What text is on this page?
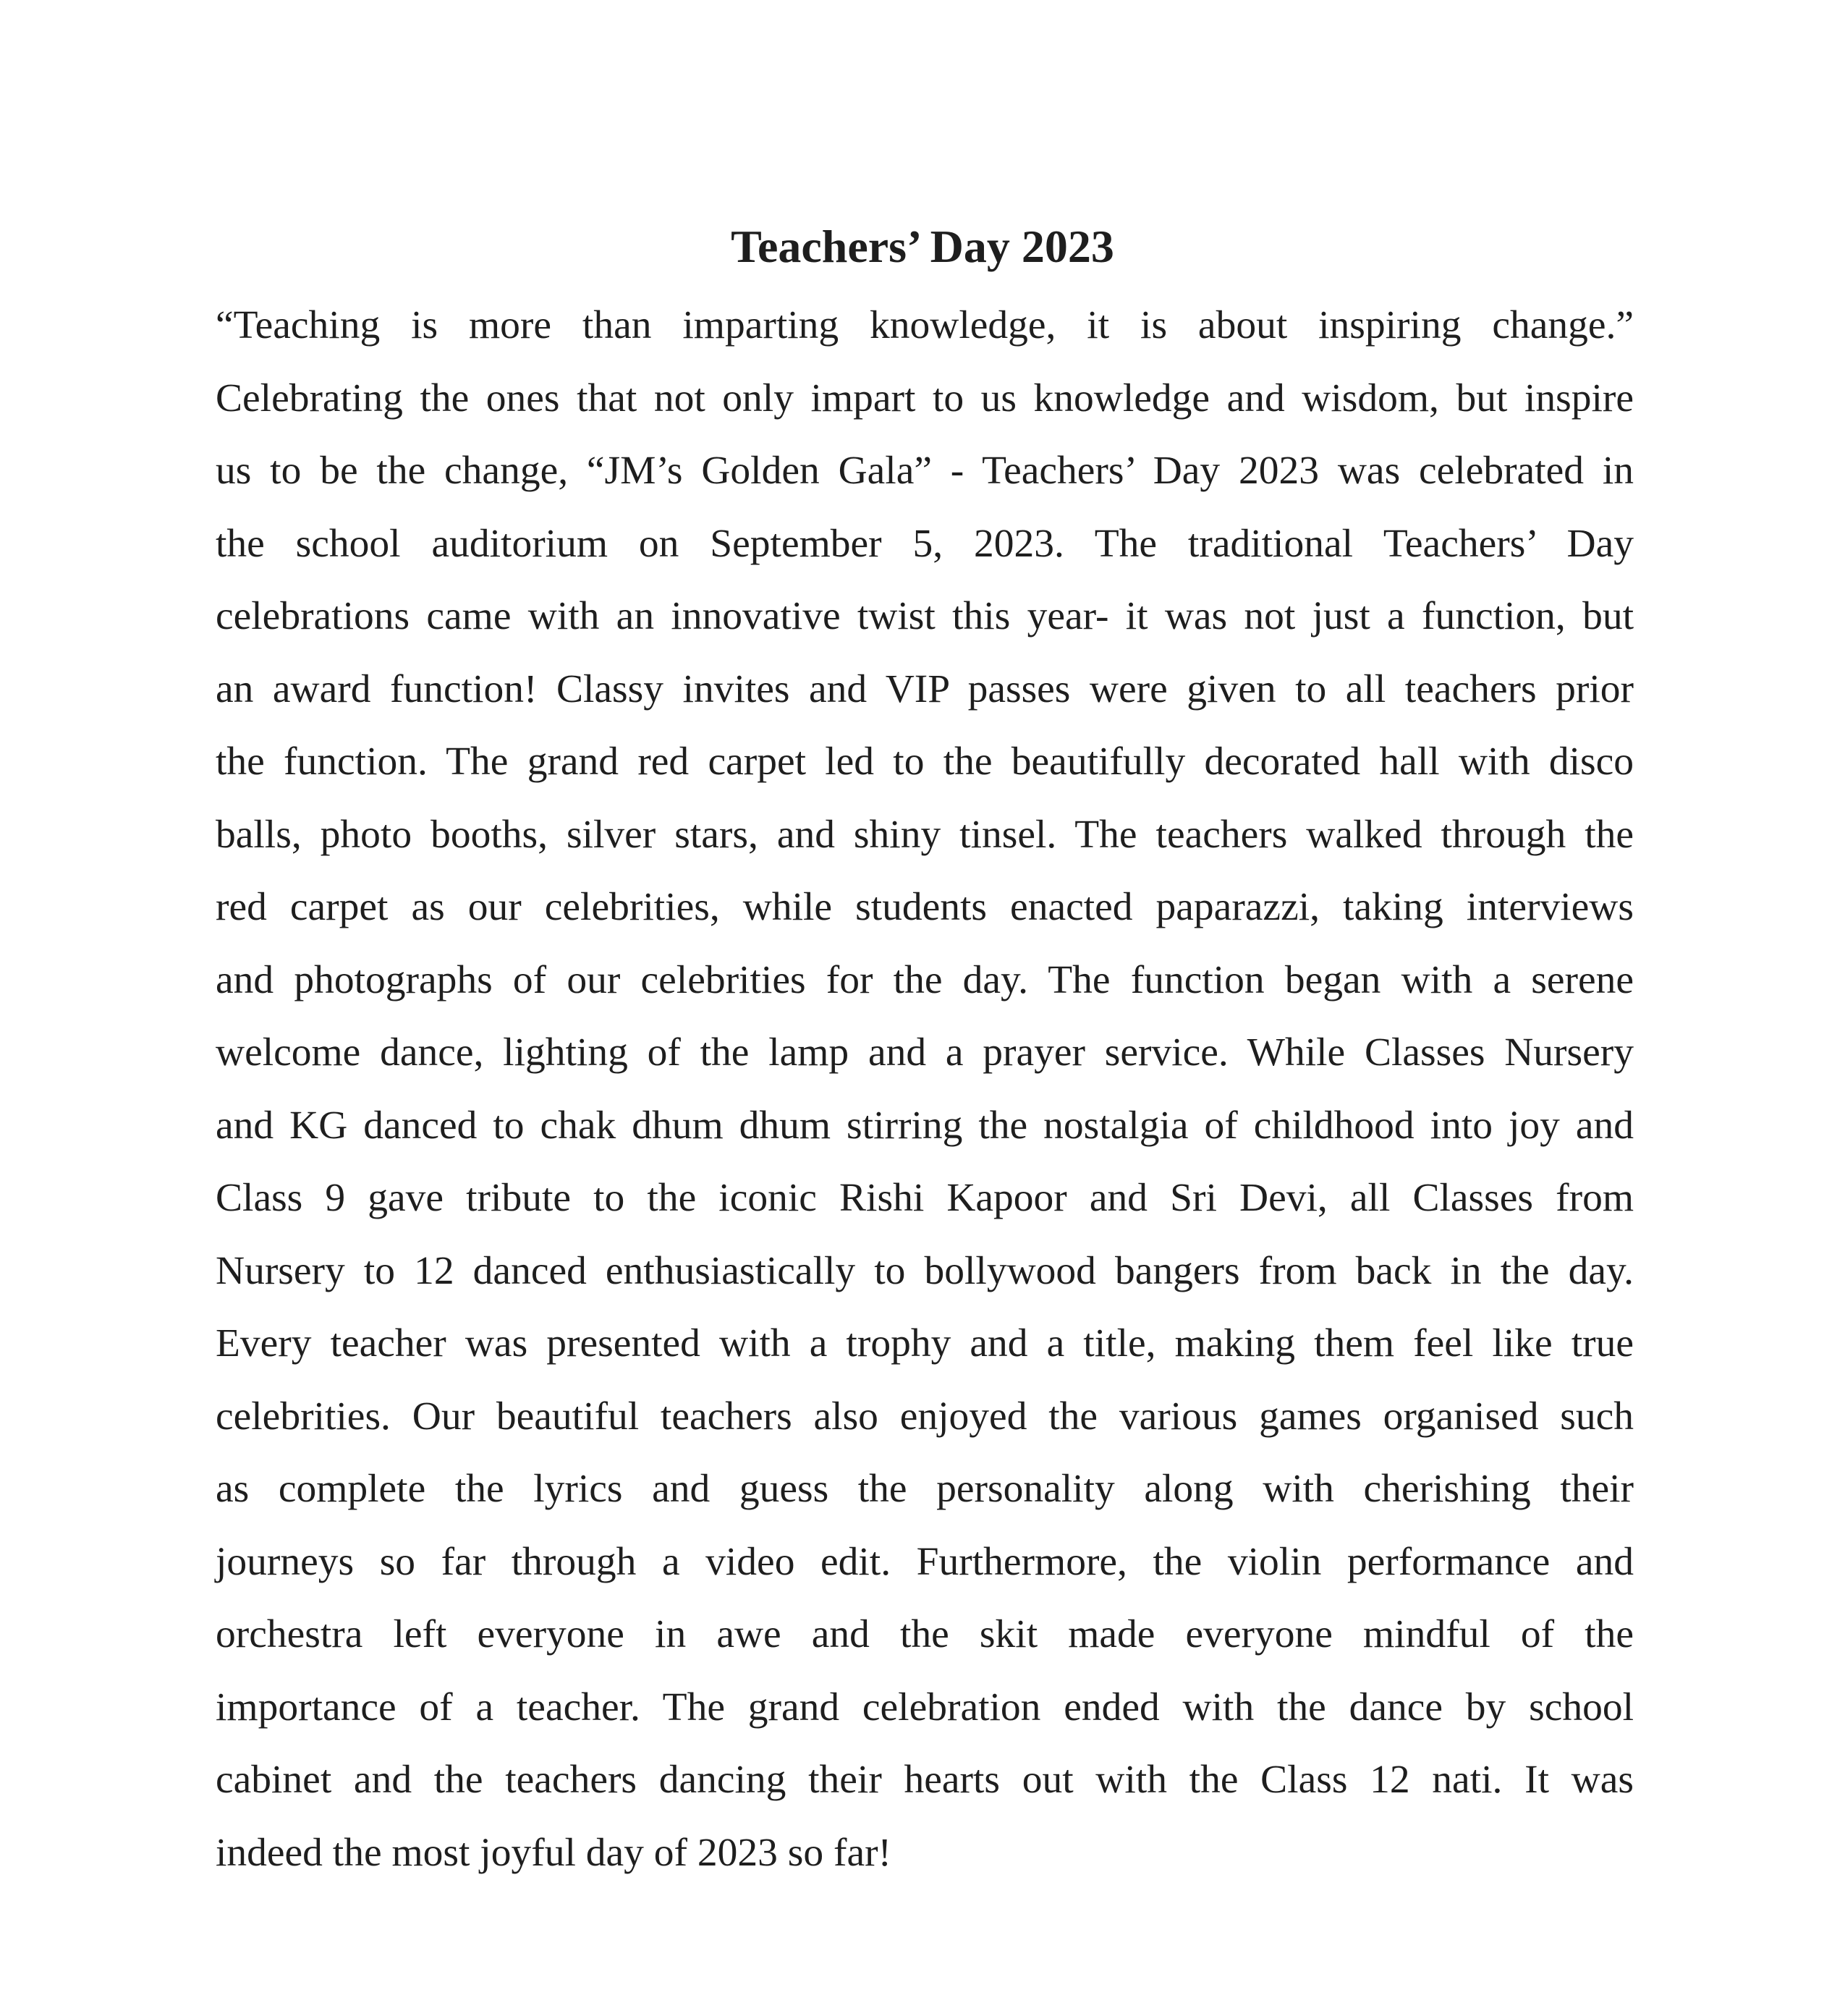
Teachers’ Day 2023
“Teaching is more than imparting knowledge, it is about inspiring change.”
Celebrating the ones that not only impart to us knowledge and wisdom, but inspire
us to be the change, “JM’s Golden Gala” - Teachers’ Day 2023 was celebrated in
the school auditorium on September 5, 2023. The traditional Teachers’ Day
celebrations came with an innovative twist this year- it was not just a function, but
an award function! Classy invites and VIP passes were given to all teachers prior
the function. The grand red carpet led to the beautifully decorated hall with disco
balls, photo booths, silver stars, and shiny tinsel. The teachers walked through the
red carpet as our celebrities, while students enacted paparazzi, taking interviews
and photographs of our celebrities for the day. The function began with a serene
welcome dance, lighting of the lamp and a prayer service. While Classes Nursery
and KG danced to chak dhum dhum stirring the nostalgia of childhood into joy and
Class 9 gave tribute to the iconic Rishi Kapoor and Sri Devi, all Classes from
Nursery to 12 danced enthusiastically to bollywood bangers from back in the day.
Every teacher was presented with a trophy and a title, making them feel like true
celebrities. Our beautiful teachers also enjoyed the various games organised such
as complete the lyrics and guess the personality along with cherishing their
journeys so far through a video edit. Furthermore, the violin performance and
orchestra left everyone in awe and the skit made everyone mindful of the
importance of a teacher. The grand celebration ended with the dance by school
cabinet and the teachers dancing their hearts out with the Class 12 nati. It was
indeed the most joyful day of 2023 so far!
